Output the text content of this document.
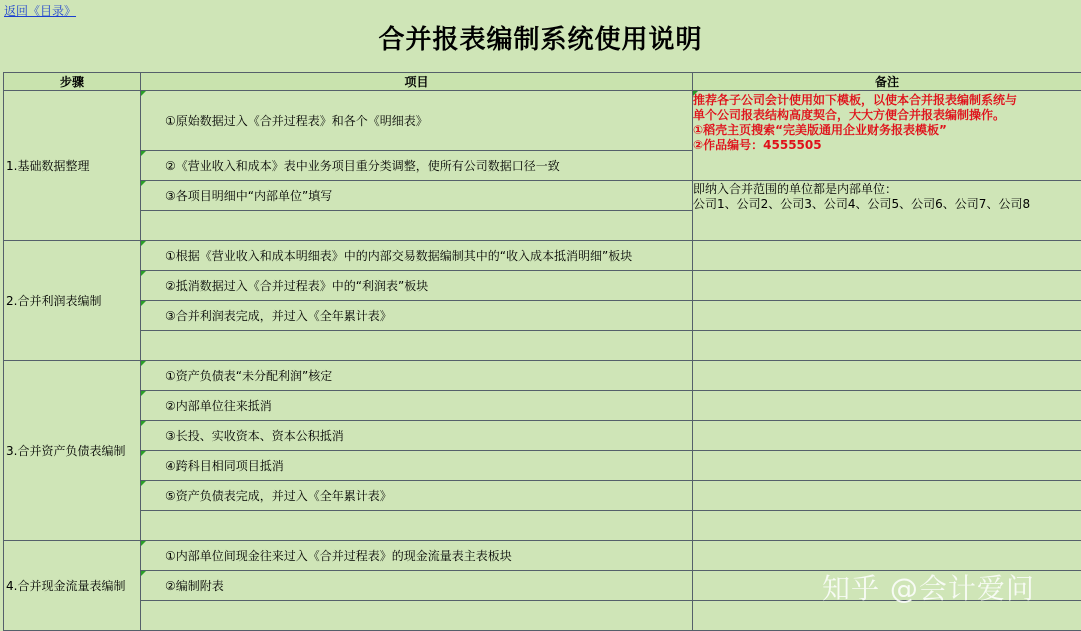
返回《目录》
合并报表编制系统使用说明
步骤	项目	备注
1.基础数据整理	①原始数据过入《合并过程表》和各个《明细表》	推荐各子公司会计使用如下模板，以使本合并报表编制系统与
单个公司报表结构高度契合，大大方便合并报表编制操作。
①稻壳主页搜索“完美版通用企业财务报表模板”
②作品编号：4555505

	②《营业收入和成本》表中业务项目重分类调整，使所有公司数据口径一致	
	③各项目明细中“内部单位”填写	即纳入合并范围的单位都是内部单位：
公司1、公司2、公司3、公司4、公司5、公司6、公司7、公司8

2.合并利润表编制	①根据《营业收入和成本明细表》中的内部交易数据编制其中的“收入成本抵消明细”板块	
	②抵消数据过入《合并过程表》中的“利润表”板块	
	③合并利润表完成，并过入《全年累计表》	

3.合并资产负债表编制	①资产负债表“未分配利润”核定	
	②内部单位往来抵消	
	③长投、实收资本、资本公积抵消	
	④跨科目相同项目抵消	
	⑤资产负债表完成，并过入《全年累计表》	

4.合并现金流量表编制	①内部单位间现金往来过入《合并过程表》的现金流量表主表板块	
	②编制附表	
		知乎 @会计爱问
